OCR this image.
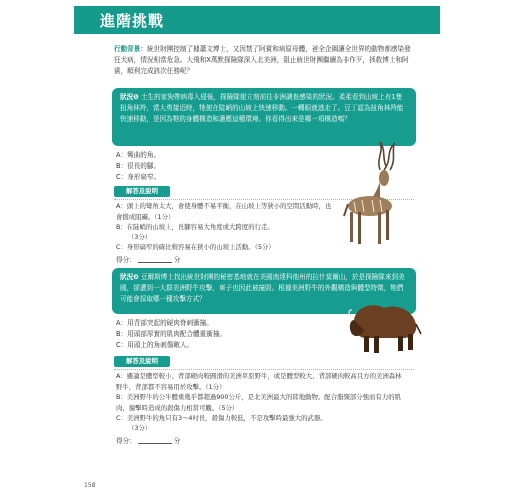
進階挑戰
行動背景：統世財團控制了據蕭文博士，又因禁了阿賓和病原母體，爸全企圖讓全世界的動物都感染發狂犬病，情況相當危急。大飛和X萬默探險隊深入北美洲，阻止統世財團繼續為非作歹，拯救博士和阿賓，順利完成該次任務呢？
狀況❶ 土生的家狗帶病毒入侵後，探險隊便立刻前往非洲調查感染的狀況。柔柔看到山坡上有1隻扭角林羚，當大勇接近時，牠便在陡峭的山坡上快速移動。一轉眼就逃走了。豆丁認為扭角林羚能快速移動，是因為牠的身體構造和適應這種環境。你看得出來是哪一項構造嗎？
A：彎曲的角。
B：很長的腳。
C：身形扁窄。
解答及說明
A：頭上的彎角太大，會使身體不易平衡，在山坡上等狹小的空間活動時，也會擋成阻礙。（1分）
B：在陡峭的山坡上，長腳容易大角度或大跨度的行走。
（3分）
C：身形扁窄的確比較容易在狹小的山坡上活動。（5分）
得分：	分
狀況❷ 豆爾斯博士找出統世財團的秘密基地就在美國南達科他州的拉什莫爾山，於是探險隊來到美國，卻遭到一大群美洲野牛攻擊，車子也因此被撞毀。根據美洲野牛的外觀構造與體型特徵，牠們可能會採取哪一種攻擊方式？
A：用背部突起的硬肉脊刺衝撞。
B：用頭部厚實的肌肉配合體重衝撞。
C：用頭上的角刺傷敵人。
解答及說明
A：雖論是體型較小、背部硬肉較圓滑的美洲草原野牛，或是體型較大、背部硬肉較高且方的美洲森林野牛，背部都不容易用於攻擊。（1分）
B：美洲野牛的公牛體重幾乎都超過900公斤，是北美洲最大的陸地動物。配合脂頸部分強而有力的肌肉，撞擊時造成的殺傷力相當可觀。（5分）
C：美洲野牛的角只有3～4吋長，殺傷力較低，不是攻擊時最強大的武器。
（3分）
得分：	分
158
